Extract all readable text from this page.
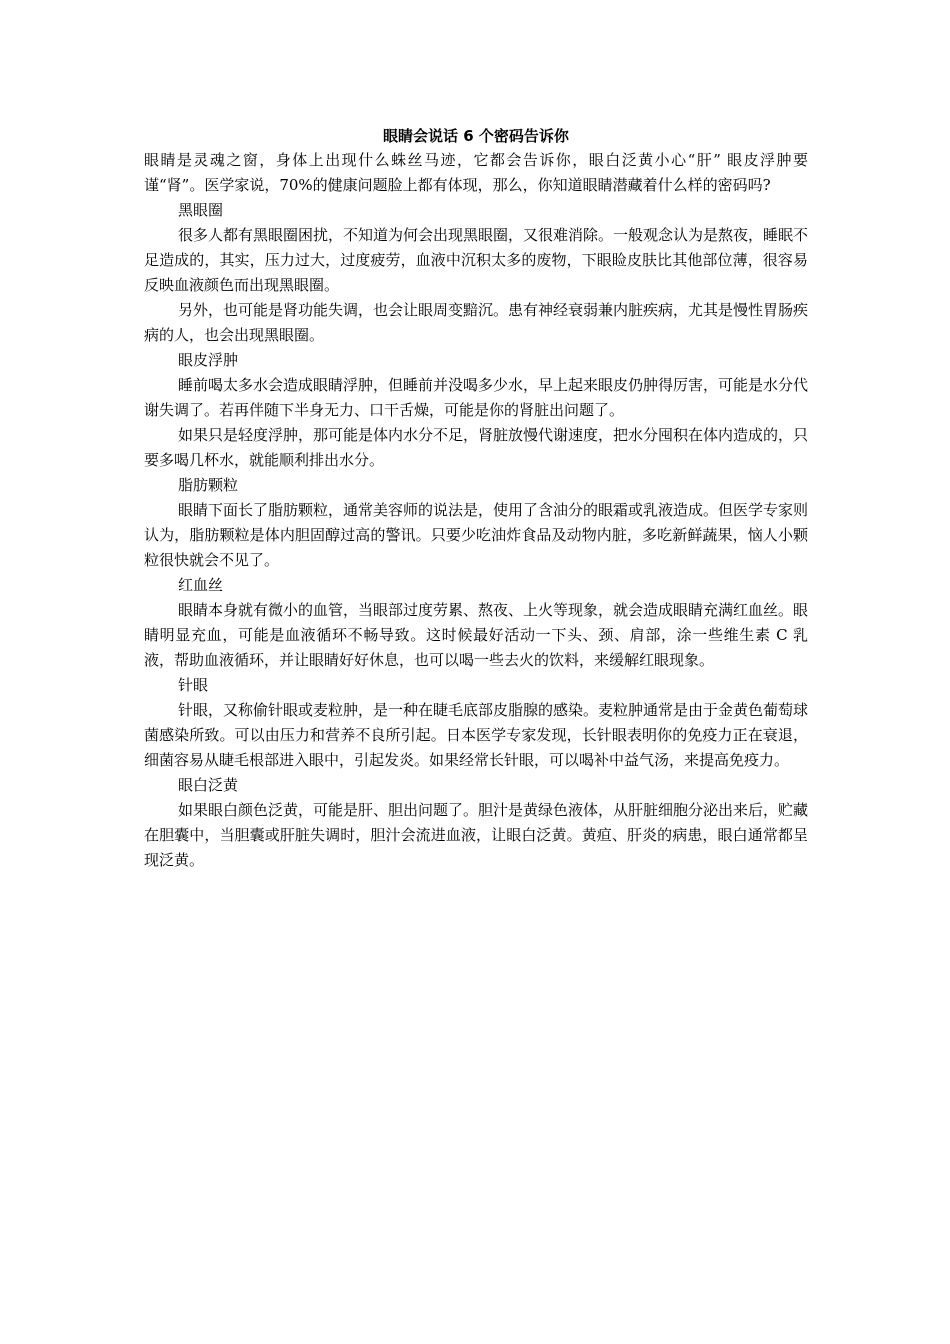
眼睛会说话 6 个密码告诉你

眼睛是灵魂之窗，身体上出现什么蛛丝马迹，它都会告诉你，眼白泛黄小心“肝” 眼皮浮肿要谨“肾”。医学家说，70%的健康问题脸上都有体现，那么，你知道眼睛潜藏着什么样的密码吗?

黑眼圈

很多人都有黑眼圈困扰，不知道为何会出现黑眼圈，又很难消除。一般观念认为是熬夜，睡眠不足造成的，其实，压力过大，过度疲劳，血液中沉积太多的废物，下眼睑皮肤比其他部位薄，很容易反映血液颜色而出现黑眼圈。

另外，也可能是肾功能失调，也会让眼周变黯沉。患有神经衰弱兼内脏疾病，尤其是慢性胃肠疾病的人，也会出现黑眼圈。

眼皮浮肿

睡前喝太多水会造成眼睛浮肿，但睡前并没喝多少水，早上起来眼皮仍肿得厉害，可能是水分代谢失调了。若再伴随下半身无力、口干舌燥，可能是你的肾脏出问题了。

如果只是轻度浮肿，那可能是体内水分不足，肾脏放慢代谢速度，把水分囤积在体内造成的，只要多喝几杯水，就能顺利排出水分。

脂肪颗粒

眼睛下面长了脂肪颗粒，通常美容师的说法是，使用了含油分的眼霜或乳液造成。但医学专家则认为，脂肪颗粒是体内胆固醇过高的警讯。只要少吃油炸食品及动物内脏，多吃新鲜蔬果，恼人小颗粒很快就会不见了。

红血丝

眼睛本身就有微小的血管，当眼部过度劳累、熬夜、上火等现象，就会造成眼睛充满红血丝。眼睛明显充血，可能是血液循环不畅导致。这时候最好活动一下头、颈、肩部，涂一些维生素 C 乳液，帮助血液循环，并让眼睛好好休息，也可以喝一些去火的饮料，来缓解红眼现象。

针眼

针眼，又称偷针眼或麦粒肿，是一种在睫毛底部皮脂腺的感染。麦粒肿通常是由于金黄色葡萄球菌感染所致。可以由压力和营养不良所引起。日本医学专家发现，长针眼表明你的免疫力正在衰退，细菌容易从睫毛根部进入眼中，引起发炎。如果经常长针眼，可以喝补中益气汤，来提高免疫力。

眼白泛黄

如果眼白颜色泛黄，可能是肝、胆出问题了。胆汁是黄绿色液体，从肝脏细胞分泌出来后，贮藏在胆囊中，当胆囊或肝脏失调时，胆汁会流进血液，让眼白泛黄。黄疸、肝炎的病患，眼白通常都呈现泛黄。
